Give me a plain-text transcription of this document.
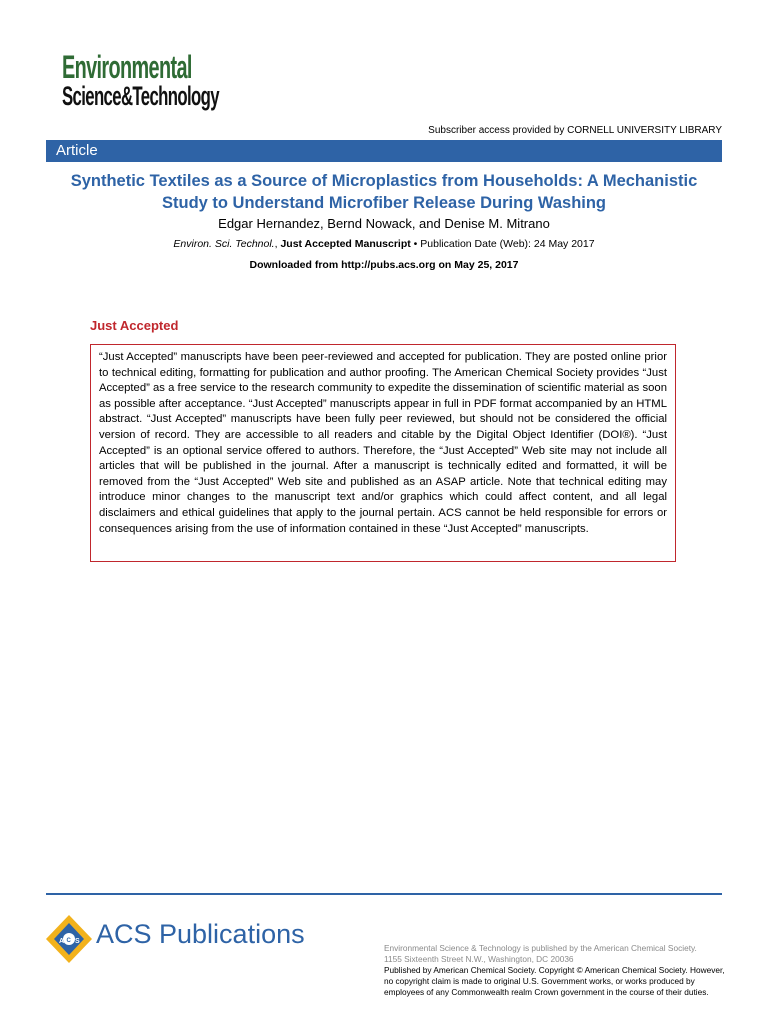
Environmental
Science&Technology
Subscriber access provided by CORNELL UNIVERSITY LIBRARY
Article
Synthetic Textiles as a Source of Microplastics from Households: A Mechanistic Study to Understand Microfiber Release During Washing
Edgar Hernandez, Bernd Nowack, and Denise M. Mitrano
Environ. Sci. Technol., Just Accepted Manuscript • Publication Date (Web): 24 May 2017
Downloaded from http://pubs.acs.org on May 25, 2017
Just Accepted

“Just Accepted” manuscripts have been peer-reviewed and accepted for publication. They are posted online prior to technical editing, formatting for publication and author proofing. The American Chemical Society provides “Just Accepted” as a free service to the research community to expedite the dissemination of scientific material as soon as possible after acceptance. “Just Accepted” manuscripts appear in full in PDF format accompanied by an HTML abstract. “Just Accepted” manuscripts have been fully peer reviewed, but should not be considered the official version of record. They are accessible to all readers and citable by the Digital Object Identifier (DOI®). “Just Accepted” is an optional service offered to authors. Therefore, the “Just Accepted” Web site may not include all articles that will be published in the journal. After a manuscript is technically edited and formatted, it will be removed from the “Just Accepted” Web site and published as an ASAP article. Note that technical editing may introduce minor changes to the manuscript text and/or graphics which could affect content, and all legal disclaimers and ethical guidelines that apply to the journal pertain. ACS cannot be held responsible for errors or consequences arising from the use of information contained in these “Just Accepted” manuscripts.

A C S ACS Publications	Environmental Science & Technology is published by the American Chemical Society.
1155 Sixteenth Street N.W., Washington, DC 20036
Published by American Chemical Society. Copyright © American Chemical Society. However, no copyright claim is made to original U.S. Government works, or works produced by employees of any Commonwealth realm Crown government in the course of their duties.
